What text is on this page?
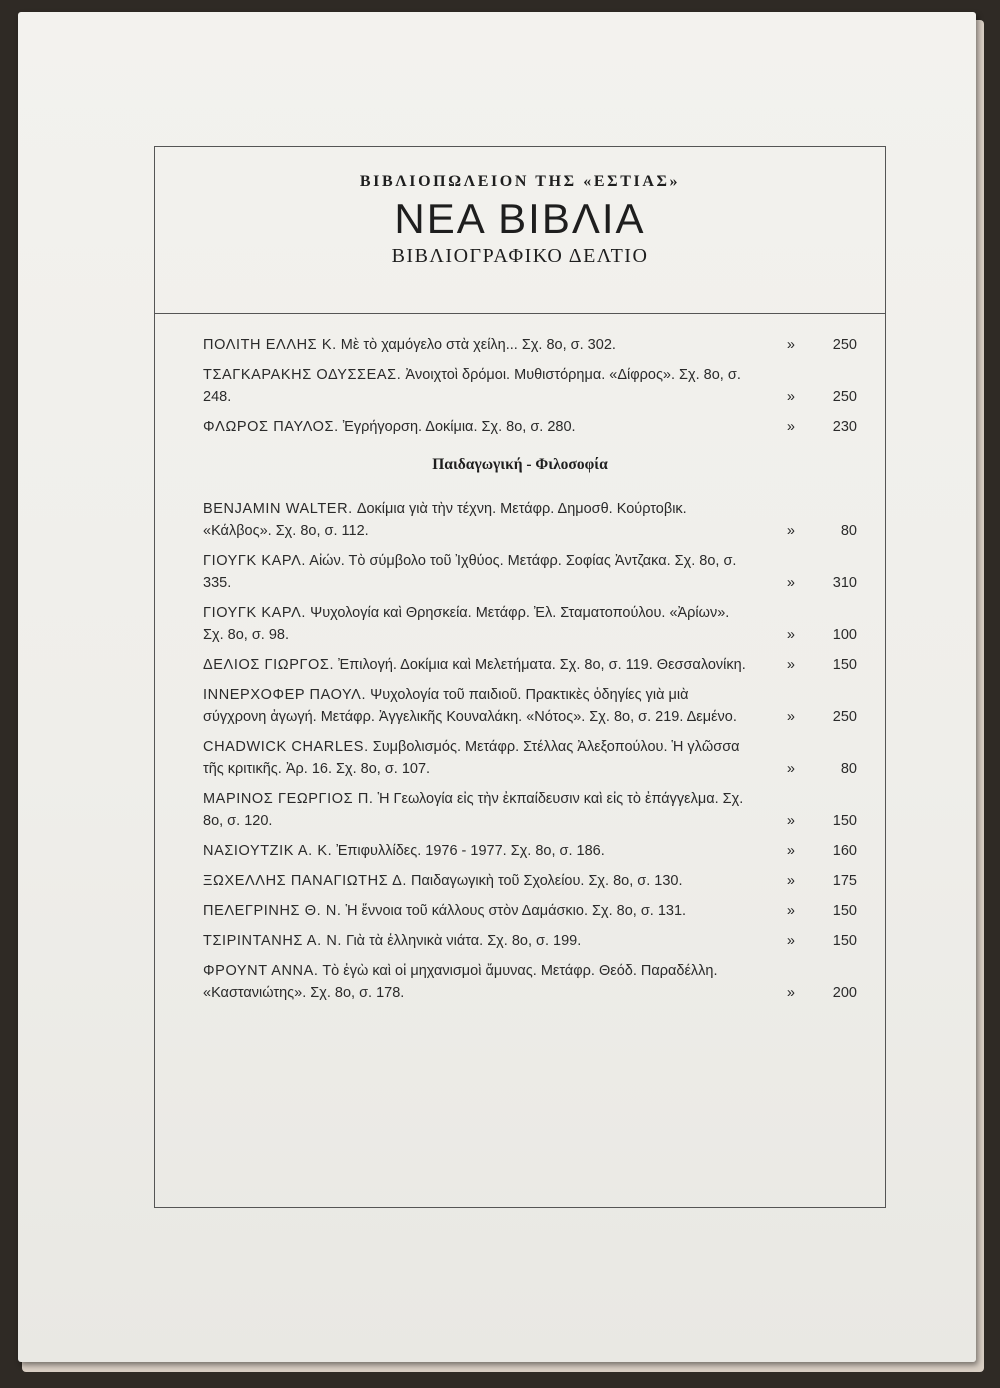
ΒΙΒΛΙΟΠΩΛΕΙΟΝ ΤΗΣ «ΕΣΤΙΑΣ»
ΝΕΑ ΒΙΒΛΙΑ
ΒΙΒΛΙΟΓΡΑΦΙΚΟ ΔΕΛΤΙΟ
ΠΟΛΙΤΗ ΕΛΛΗΣ Κ. Μὲ τὸ χαμόγελο στὰ χείλη... Σχ. 8ο, σ. 302.	»	250
ΤΣΑΓΚΑΡΑΚΗΣ ΟΔΥΣΣΕΑΣ. Ἀνοιχτοὶ δρόμοι. Μυθιστόρημα. «Δίφρος». Σχ. 8ο, σ. 248.	»	250
ΦΛΩΡΟΣ ΠΑΥΛΟΣ. Ἐγρήγορση. Δοκίμια. Σχ. 8ο, σ. 280.	»	230
Παιδαγωγική - Φιλοσοφία
BENJAMIN WALTER. Δοκίμια γιὰ τὴν τέχνη. Μετάφρ. Δημοσθ. Κούρτοβικ. «Κάλβος». Σχ. 8ο, σ. 112.	»	80
ΓΙΟΥΓΚ ΚΑΡΛ. Αἰών. Τὸ σύμβολο τοῦ Ἰχθύος. Μετάφρ. Σοφίας Ἀντζακα. Σχ. 8ο, σ. 335.	»	310
ΓΙΟΥΓΚ ΚΑΡΛ. Ψυχολογία καὶ Θρησκεία. Μετάφρ. Ἐλ. Σταματοπούλου. «Ἀρίων». Σχ. 8ο, σ. 98.	»	100
ΔΕΛΙΟΣ ΓΙΩΡΓΟΣ. Ἐπιλογή. Δοκίμια καὶ Μελετήματα. Σχ. 8ο, σ. 119. Θεσσαλονίκη.	»	150
ΙΝΝΕΡΧΟΦΕΡ ΠΑΟΥΛ. Ψυχολογία τοῦ παιδιοῦ. Πρακτικὲς ὁδηγίες γιὰ μιὰ σύγχρονη ἀγωγή. Μετάφρ. Ἀγγελικῆς Κουναλάκη. «Νότος». Σχ. 8ο, σ. 219. Δεμένο.	»	250
CHADWICK CHARLES. Συμβολισμός. Μετάφρ. Στέλλας Ἀλεξοπούλου. Ἡ γλῶσσα τῆς κριτικῆς. Ἀρ. 16. Σχ. 8ο, σ. 107.	»	80
ΜΑΡΙΝΟΣ ΓΕΩΡΓΙΟΣ Π. Ἡ Γεωλογία εἰς τὴν ἐκπαίδευσιν καὶ εἰς τὸ ἐπάγγελμα. Σχ. 8ο, σ. 120.	»	150
ΝΑΣΙΟΥΤΖΙΚ Α. Κ. Ἐπιφυλλίδες. 1976 - 1977. Σχ. 8ο, σ. 186.	»	160
ΞΩΧΕΛΛΗΣ ΠΑΝΑΓΙΩΤΗΣ Δ. Παιδαγωγικὴ τοῦ Σχολείου. Σχ. 8ο, σ. 130.	»	175
ΠΕΛΕΓΡΙΝΗΣ Θ. Ν. Ἡ ἔννοια τοῦ κάλλους στὸν Δαμάσκιο. Σχ. 8ο, σ. 131.	»	150
ΤΣΙΡΙΝΤΑΝΗΣ Α. Ν. Γιὰ τὰ ἑλληνικὰ νιάτα. Σχ. 8ο, σ. 199.	»	150
ΦΡΟΥΝΤ ΑΝΝΑ. Τὸ ἐγὼ καὶ οἱ μηχανισμοὶ ἄμυνας. Μετάφρ. Θεόδ. Παραδέλλη. «Καστανιώτης». Σχ. 8ο, σ. 178.	»	200
